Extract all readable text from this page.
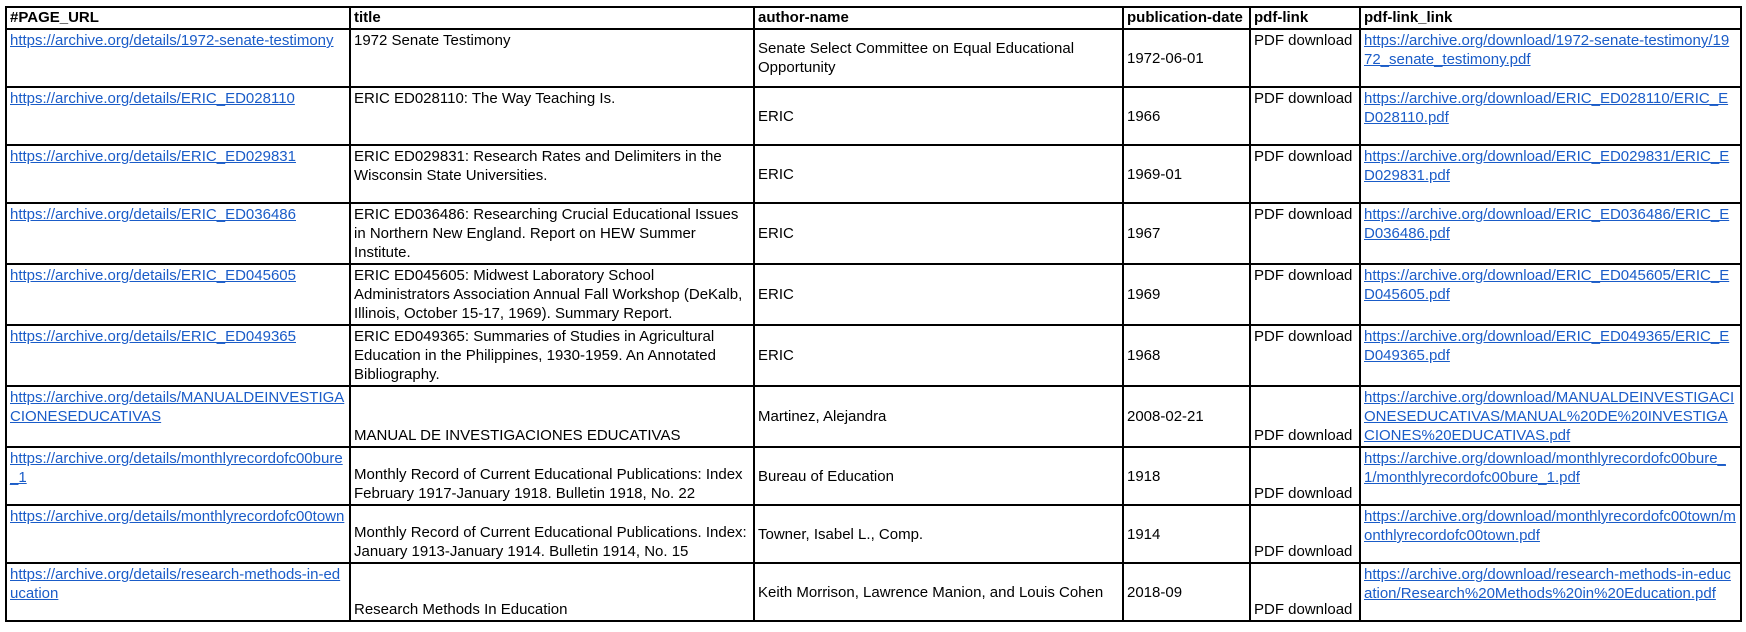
#PAGE_URL	title	author-name	publication-date	pdf-link	pdf-link_link
https://archive.org/details/1972-senate-testimony	1972 Senate Testimony	Senate Select Committee on Equal Educational Opportunity	1972-06-01	PDF download	https://archive.org/download/1972-senate-testimony/1972_senate_testimony.pdf
https://archive.org/details/ERIC_ED028110	ERIC ED028110: The Way Teaching Is.	ERIC	1966	PDF download	https://archive.org/download/ERIC_ED028110/ERIC_ED028110.pdf
https://archive.org/details/ERIC_ED029831	ERIC ED029831: Research Rates and Delimiters in the Wisconsin State Universities.	ERIC	1969-01	PDF download	https://archive.org/download/ERIC_ED029831/ERIC_ED029831.pdf
https://archive.org/details/ERIC_ED036486	ERIC ED036486: Researching Crucial Educational Issues in Northern New England. Report on HEW Summer Institute.	ERIC	1967	PDF download	https://archive.org/download/ERIC_ED036486/ERIC_ED036486.pdf
https://archive.org/details/ERIC_ED045605	ERIC ED045605: Midwest Laboratory School Administrators Association Annual Fall Workshop (DeKalb, Illinois, October 15-17, 1969). Summary Report.	ERIC	1969	PDF download	https://archive.org/download/ERIC_ED045605/ERIC_ED045605.pdf
https://archive.org/details/ERIC_ED049365	ERIC ED049365: Summaries of Studies in Agricultural Education in the Philippines, 1930-1959. An Annotated Bibliography.	ERIC	1968	PDF download	https://archive.org/download/ERIC_ED049365/ERIC_ED049365.pdf
https://archive.org/details/MANUALDEINVESTIGACIONESEDUCATIVAS	MANUAL DE INVESTIGACIONES EDUCATIVAS	Martinez, Alejandra	2008-02-21	PDF download	https://archive.org/download/MANUALDEINVESTIGACIONESEDUCATIVAS/MANUAL%20DE%20INVESTIGACIONES%20EDUCATIVAS.pdf
https://archive.org/details/monthlyrecordofc00bure_1	Monthly Record of Current Educational Publications: Index February 1917-January 1918. Bulletin 1918, No. 22	Bureau of Education	1918	PDF download	https://archive.org/download/monthlyrecordofc00bure_1/monthlyrecordofc00bure_1.pdf
https://archive.org/details/monthlyrecordofc00town	Monthly Record of Current Educational Publications. Index: January 1913-January 1914. Bulletin 1914, No. 15	Towner, Isabel L., Comp.	1914	PDF download	https://archive.org/download/monthlyrecordofc00town/monthlyrecordofc00town.pdf
https://archive.org/details/research-methods-in-education	Research Methods In Education	Keith Morrison, Lawrence Manion, and Louis Cohen	2018-09	PDF download	https://archive.org/download/research-methods-in-education/Research%20Methods%20in%20Education.pdf
